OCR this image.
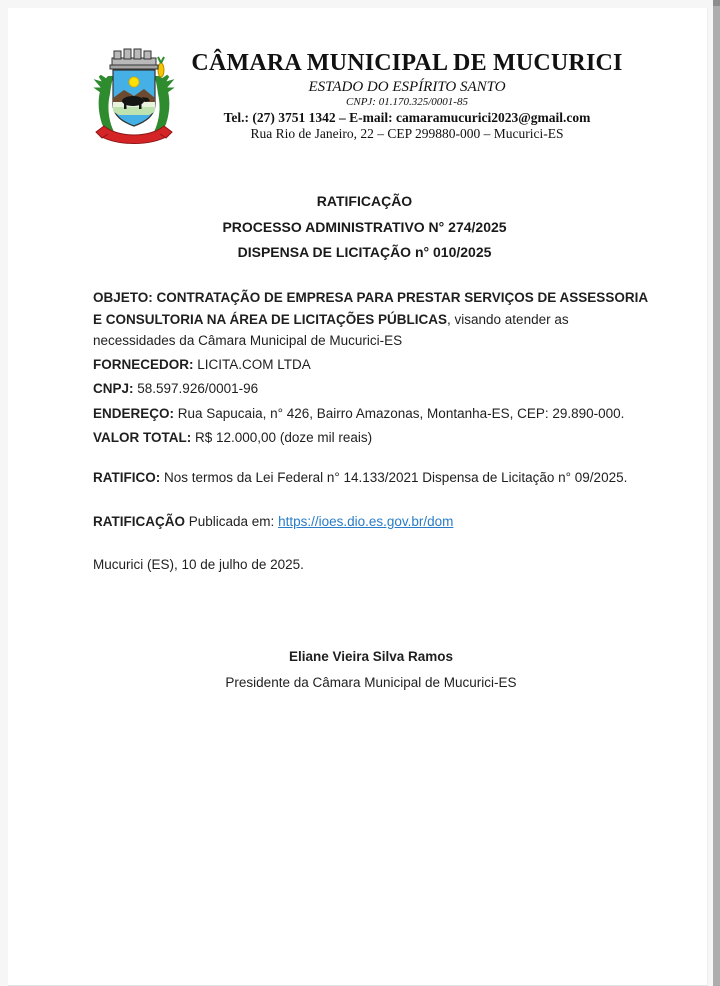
CÂMARA MUNICIPAL DE MUCURICI
ESTADO DO ESPÍRITO SANTO
CNPJ: 01.170.325/0001-85
Tel.: (27) 3751 1342 – E-mail: camaramucurici2023@gmail.com
Rua Rio de Janeiro, 22 – CEP 299880-000 – Mucurici-ES
RATIFICAÇÃO
PROCESSO ADMINISTRATIVO N° 274/2025
DISPENSA DE LICITAÇÃO n° 010/2025
OBJETO: CONTRATAÇÃO DE EMPRESA PARA PRESTAR SERVIÇOS DE ASSESSORIA E CONSULTORIA NA ÁREA DE LICITAÇÕES PÚBLICAS, visando atender as necessidades da Câmara Municipal de Mucurici-ES
FORNECEDOR: LICITA.COM LTDA
CNPJ: 58.597.926/0001-96
ENDEREÇO: Rua Sapucaia, n° 426, Bairro Amazonas, Montanha-ES, CEP: 29.890-000.
VALOR TOTAL: R$ 12.000,00 (doze mil reais)
RATIFICO: Nos termos da Lei Federal n° 14.133/2021 Dispensa de Licitação n° 09/2025.
RATIFICAÇÃO Publicada em: https://ioes.dio.es.gov.br/dom
Mucurici (ES), 10 de julho de 2025.
Eliane Vieira Silva Ramos
Presidente da Câmara Municipal de Mucurici-ES
